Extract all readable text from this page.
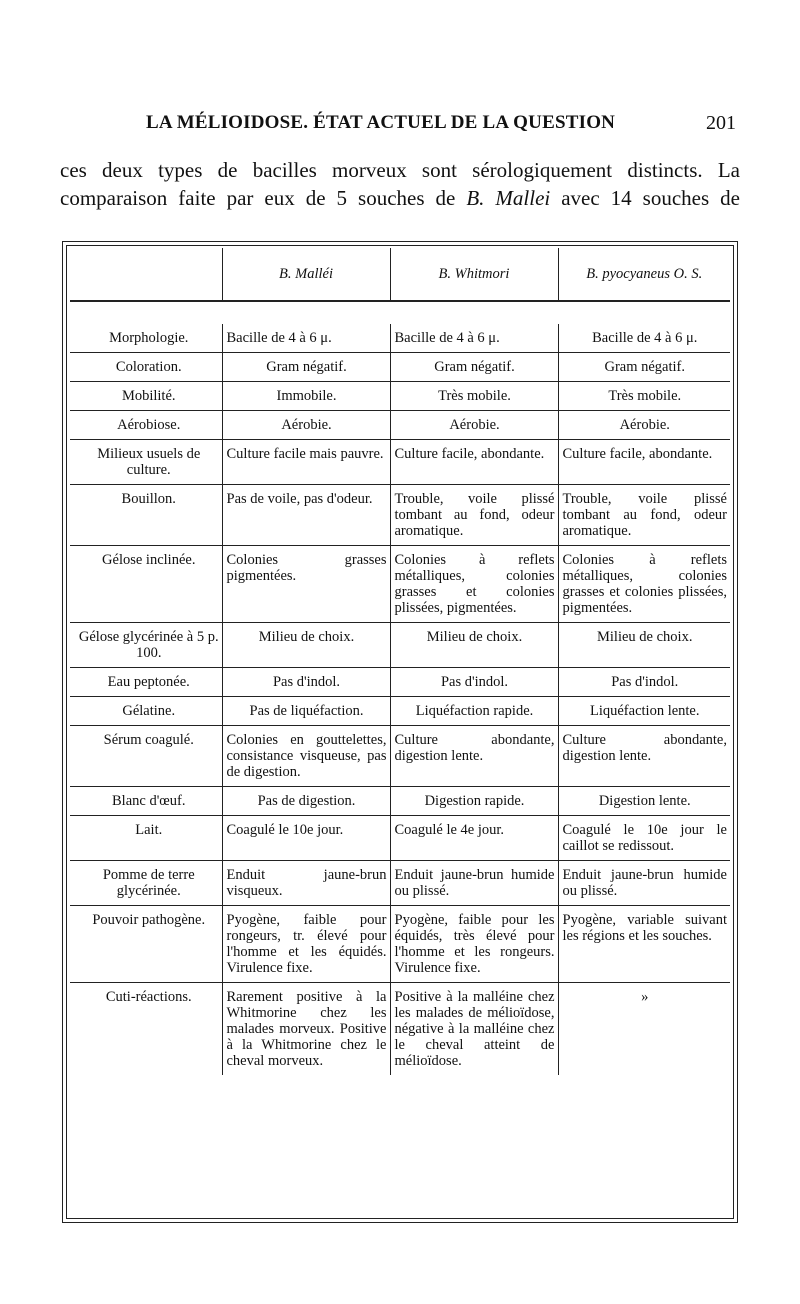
LA MÉLIOIDOSE. ÉTAT ACTUEL DE LA QUESTION	201

ces deux types de bacilles morveux sont sérologiquement distincts. La
comparaison faite par eux de 5 souches de B. Mallei avec 14 souches de

	B. Malléi	B. Whitmori	B. pyocyaneus O. S.

Morphologie.	Bacille de 4 à 6 μ.	Bacille de 4 à 6 μ.	Bacille de 4 à 6 μ.
Coloration.	Gram négatif.	Gram négatif.	Gram négatif.
Mobilité.	Immobile.	Très mobile.	Très mobile.
Aérobiose.	Aérobie.	Aérobie.	Aérobie.
Milieux usuels de culture.	Culture facile mais pauvre.	Culture facile, abondante.	Culture facile, abondante.
Bouillon.	Pas de voile, pas d'odeur.	Trouble, voile plissé tombant au fond, odeur aromatique.	Trouble, voile plissé tombant au fond, odeur aromatique.
Gélose inclinée.	Colonies grasses pigmentées.	Colonies à reflets métalliques, colonies grasses et colonies plissées, pigmentées.	Colonies à reflets métalliques, colonies grasses et colonies plissées, pigmentées.
Gélose glycérinée à 5 p. 100.	Milieu de choix.	Milieu de choix.	Milieu de choix.
Eau peptonée.	Pas d'indol.	Pas d'indol.	Pas d'indol.
Gélatine.	Pas de liquéfaction.	Liquéfaction rapide.	Liquéfaction lente.
Sérum coagulé.	Colonies en gouttelettes, consistance visqueuse, pas de digestion.	Culture abondante, digestion lente.	Culture abondante, digestion lente.
Blanc d'œuf.	Pas de digestion.	Digestion rapide.	Digestion lente.
Lait.	Coagulé le 10e jour.	Coagulé le 4e jour.	Coagulé le 10e jour le caillot se redissout.
Pomme de terre glycérinée.	Enduit jaune-brun visqueux.	Enduit jaune-brun humide ou plissé.	Enduit jaune-brun humide ou plissé.
Pouvoir pathogène.	Pyogène, faible pour rongeurs, tr. élevé pour l'homme et les équidés. Virulence fixe.	Pyogène, faible pour les équidés, très élevé pour l'homme et les rongeurs. Virulence fixe.	Pyogène, variable suivant les régions et les souches.
Cuti-réactions.	Rarement positive à la Whitmorine chez les malades morveux. Positive à la Whitmorine chez le cheval morveux.	Positive à la malléine chez les malades de mélioïdose, négative à la malléine chez le cheval atteint de mélioïdose.	»
